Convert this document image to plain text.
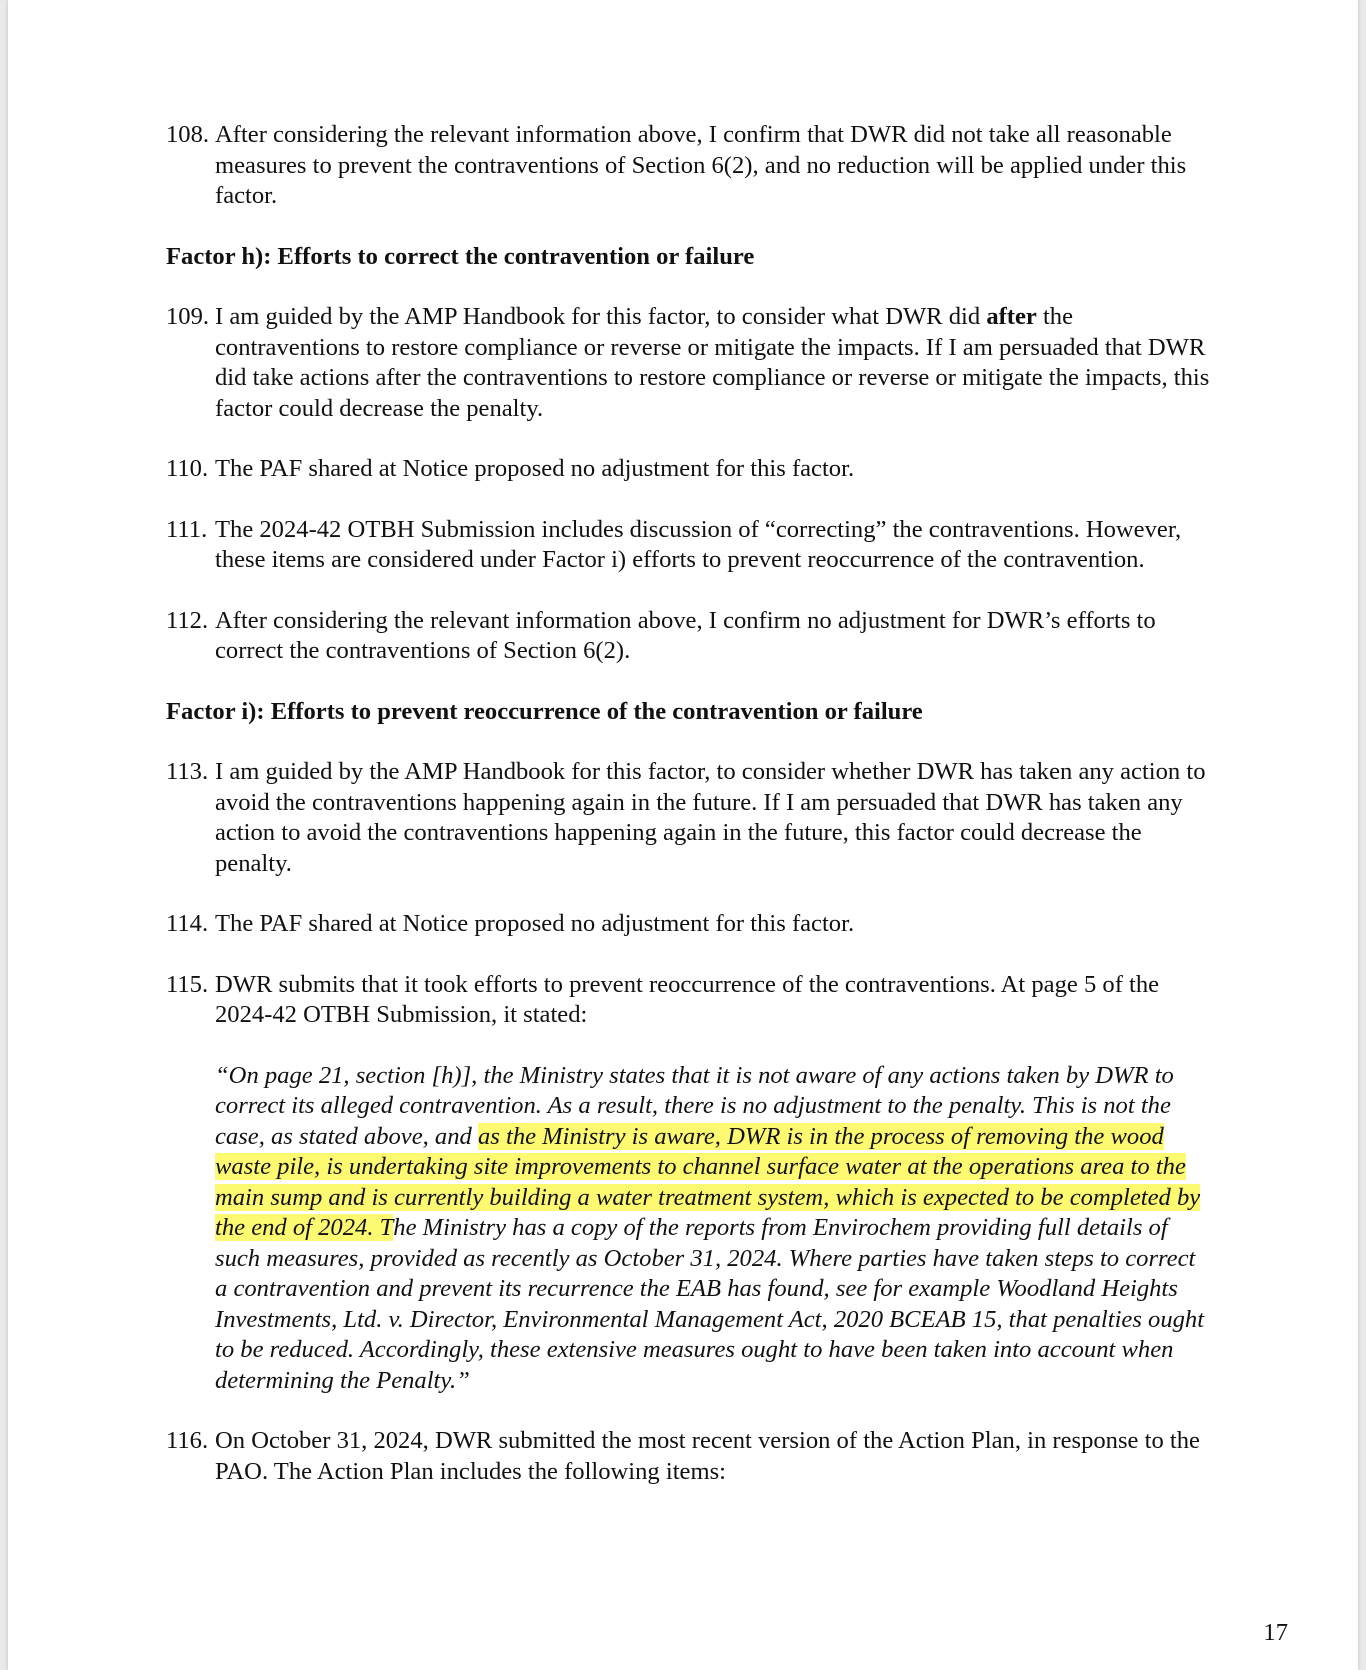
108. After considering the relevant information above, I confirm that DWR did not take all reasonable measures to prevent the contraventions of Section 6(2), and no reduction will be applied under this factor.
Factor h): Efforts to correct the contravention or failure
109. I am guided by the AMP Handbook for this factor, to consider what DWR did after the contraventions to restore compliance or reverse or mitigate the impacts. If I am persuaded that DWR did take actions after the contraventions to restore compliance or reverse or mitigate the impacts, this factor could decrease the penalty.
110. The PAF shared at Notice proposed no adjustment for this factor.
111. The 2024-42 OTBH Submission includes discussion of “correcting” the contraventions. However, these items are considered under Factor i) efforts to prevent reoccurrence of the contravention.
112. After considering the relevant information above, I confirm no adjustment for DWR’s efforts to correct the contraventions of Section 6(2).
Factor i): Efforts to prevent reoccurrence of the contravention or failure
113. I am guided by the AMP Handbook for this factor, to consider whether DWR has taken any action to avoid the contraventions happening again in the future. If I am persuaded that DWR has taken any action to avoid the contraventions happening again in the future, this factor could decrease the penalty.
114. The PAF shared at Notice proposed no adjustment for this factor.
115. DWR submits that it took efforts to prevent reoccurrence of the contraventions. At page 5 of the 2024-42 OTBH Submission, it stated:
“On page 21, section [h)], the Ministry states that it is not aware of any actions taken by DWR to correct its alleged contravention. As a result, there is no adjustment to the penalty. This is not the case, as stated above, and as the Ministry is aware, DWR is in the process of removing the wood waste pile, is undertaking site improvements to channel surface water at the operations area to the main sump and is currently building a water treatment system, which is expected to be completed by the end of 2024. The Ministry has a copy of the reports from Envirochem providing full details of such measures, provided as recently as October 31, 2024. Where parties have taken steps to correct a contravention and prevent its recurrence the EAB has found, see for example Woodland Heights Investments, Ltd. v. Director, Environmental Management Act, 2020 BCEAB 15, that penalties ought to be reduced. Accordingly, these extensive measures ought to have been taken into account when determining the Penalty.”
116. On October 31, 2024, DWR submitted the most recent version of the Action Plan, in response to the PAO. The Action Plan includes the following items:
17
